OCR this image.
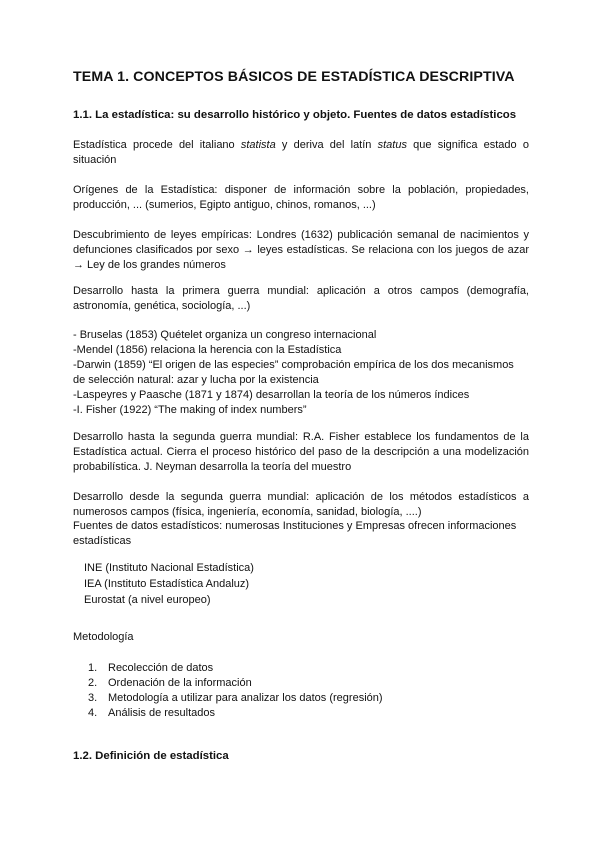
TEMA 1. CONCEPTOS BÁSICOS DE ESTADÍSTICA DESCRIPTIVA
1.1. La estadística: su desarrollo histórico y objeto. Fuentes de datos estadísticos
Estadística procede del italiano statista y deriva del latín status que significa estado o situación
Orígenes de la Estadística: disponer de información sobre la población, propiedades, producción, ... (sumerios, Egipto antiguo, chinos, romanos, ...)
Descubrimiento de leyes empíricas: Londres (1632) publicación semanal de nacimientos y defunciones clasificados por sexo → leyes estadísticas. Se relaciona con los juegos de azar → Ley de los grandes números
Desarrollo hasta la primera guerra mundial: aplicación a otros campos (demografía, astronomía, genética, sociología, ...)
- Bruselas (1853) Quételet organiza un congreso internacional
-Mendel (1856) relaciona la herencia con la Estadística
-Darwin (1859) “El origen de las especies” comprobación empírica de los dos mecanismos
de selección natural: azar y lucha por la existencia
-Laspeyres y Paasche (1871 y 1874) desarrollan la teoría de los números índices
-I. Fisher (1922) “The making of index numbers”
Desarrollo hasta la segunda guerra mundial: R.A. Fisher establece los fundamentos de la Estadística actual. Cierra el proceso histórico del paso de la descripción a una modelización probabilística. J. Neyman desarrolla la teoría del muestro
Desarrollo desde la segunda guerra mundial: aplicación de los métodos estadísticos a numerosos campos (física, ingeniería, economía, sanidad, biología, ....)
Fuentes de datos estadísticos: numerosas Instituciones y Empresas ofrecen informaciones estadísticas
INE (Instituto Nacional Estadística)
IEA (Instituto Estadística Andaluz)
Eurostat (a nivel europeo)
Metodología
1. Recolección de datos
2. Ordenación de la información
3. Metodología a utilizar para analizar los datos (regresión)
4. Análisis de resultados
1.2. Definición de estadística
